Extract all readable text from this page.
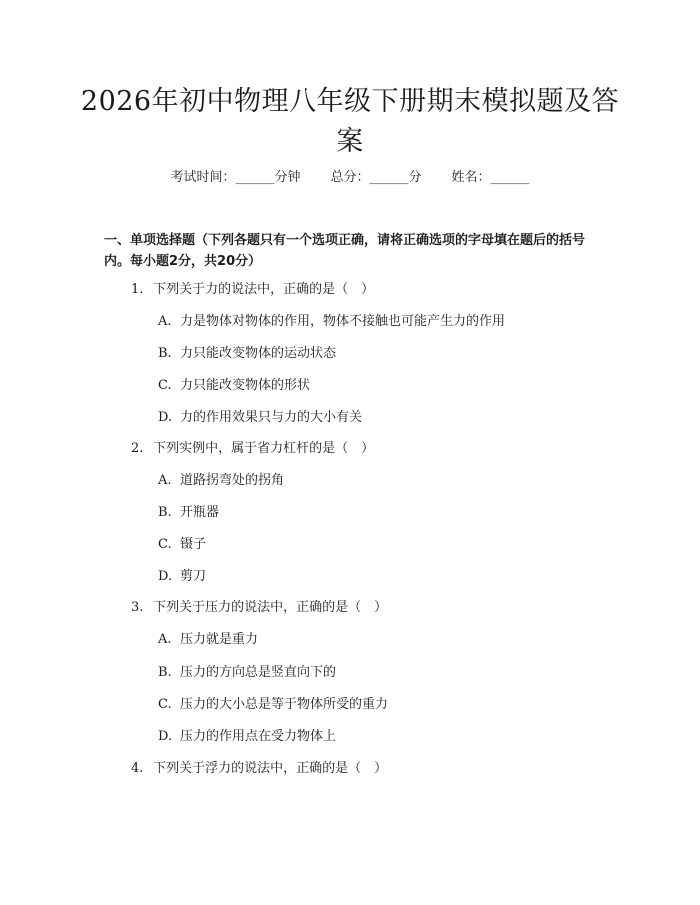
2026年初中物理八年级下册期末模拟题及答案
考试时间：______分钟 总分：______分 姓名：______
一、单项选择题（下列各题只有一个选项正确，请将正确选项的字母填在题后的括号内。每小题2分，共20分）
1. 下列关于力的说法中，正确的是（　）
A. 力是物体对物体的作用，物体不接触也可能产生力的作用
B. 力只能改变物体的运动状态
C. 力只能改变物体的形状
D. 力的作用效果只与力的大小有关
2. 下列实例中，属于省力杠杆的是（　）
A. 道路拐弯处的拐角
B. 开瓶器
C. 镊子
D. 剪刀
3. 下列关于压力的说法中，正确的是（　）
A. 压力就是重力
B. 压力的方向总是竖直向下的
C. 压力的大小总是等于物体所受的重力
D. 压力的作用点在受力物体上
4. 下列关于浮力的说法中，正确的是（　）
